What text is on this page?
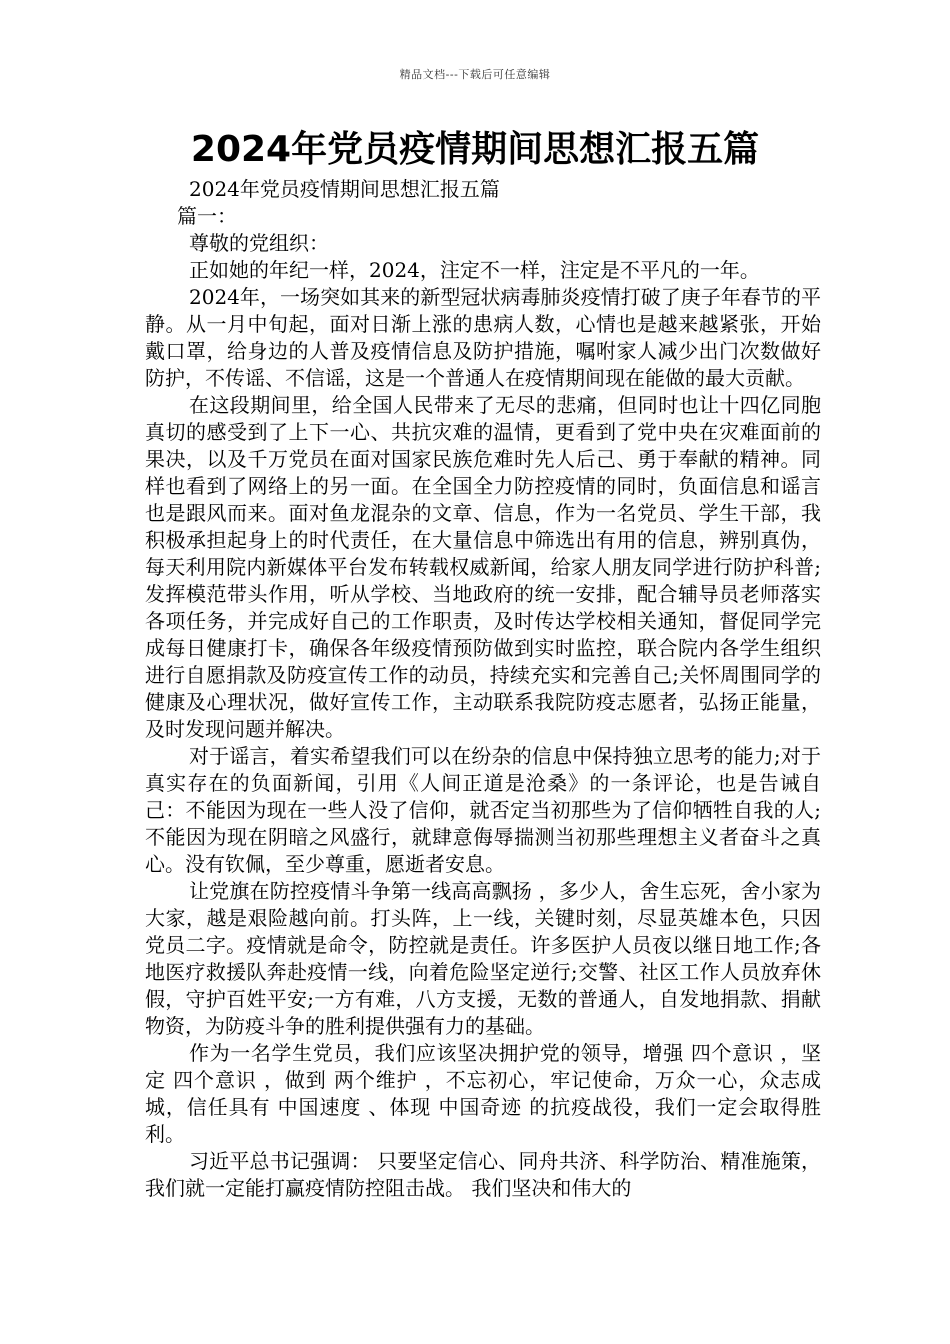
精品文档---下载后可任意编辑
2024年党员疫情期间思想汇报五篇

2024年党员疫情期间思想汇报五篇

篇一：

尊敬的党组织：

正如她的年纪一样，2024，注定不一样，注定是不平凡的一年。

2024年，一场突如其来的新型冠状病毒肺炎疫情打破了庚子年春节的平静。从一月中旬起，面对日渐上涨的患病人数，心情也是越来越紧张，开始戴口罩，给身边的人普及疫情信息及防护措施，嘱咐家人减少出门次数做好防护，不传谣、不信谣，这是一个普通人在疫情期间现在能做的最大贡献。

在这段期间里，给全国人民带来了无尽的悲痛，但同时也让十四亿同胞真切的感受到了上下一心、共抗灾难的温情，更看到了党中央在灾难面前的果决，以及千万党员在面对国家民族危难时先人后己、勇于奉献的精神。同样也看到了网络上的另一面。在全国全力防控疫情的同时，负面信息和谣言也是跟风而来。面对鱼龙混杂的文章、信息，作为一名党员、学生干部，我积极承担起身上的时代责任，在大量信息中筛选出有用的信息，辨别真伪，每天利用院内新媒体平台发布转载权威新闻，给家人朋友同学进行防护科普;发挥模范带头作用，听从学校、当地政府的统一安排，配合辅导员老师落实各项任务，并完成好自己的工作职责，及时传达学校相关通知，督促同学完成每日健康打卡，确保各年级疫情预防做到实时监控，联合院内各学生组织进行自愿捐款及防疫宣传工作的动员，持续充实和完善自己;关怀周围同学的健康及心理状况，做好宣传工作，主动联系我院防疫志愿者，弘扬正能量，及时发现问题并解决。

对于谣言，着实希望我们可以在纷杂的信息中保持独立思考的能力;对于真实存在的负面新闻，引用《人间正道是沧桑》的一条评论，也是告诫自己：不能因为现在一些人没了信仰，就否定当初那些为了信仰牺牲自我的人;不能因为现在阴暗之风盛行，就肆意侮辱揣测当初那些理想主义者奋斗之真心。没有钦佩，至少尊重，愿逝者安息。

让党旗在防控疫情斗争第一线高高飘扬 ，多少人，舍生忘死，舍小家为大家，越是艰险越向前。打头阵，上一线，关键时刻，尽显英雄本色，只因党员二字。疫情就是命令，防控就是责任。许多医护人员夜以继日地工作;各地医疗救援队奔赴疫情一线，向着危险坚定逆行;交警、社区工作人员放弃休假，守护百姓平安;一方有难，八方支援，无数的普通人，自发地捐款、捐献物资，为防疫斗争的胜利提供强有力的基础。

作为一名学生党员，我们应该坚决拥护党的领导，增强 四个意识 ，坚定 四个意识 ，做到 两个维护 ，不忘初心，牢记使命，万众一心，众志成城，信任具有 中国速度 、体现 中国奇迹 的抗疫战役，我们一定会取得胜利。

习近平总书记强调： 只要坚定信心、同舟共济、科学防治、精准施策，我们就一定能打赢疫情防控阻击战。 我们坚决和伟大的
